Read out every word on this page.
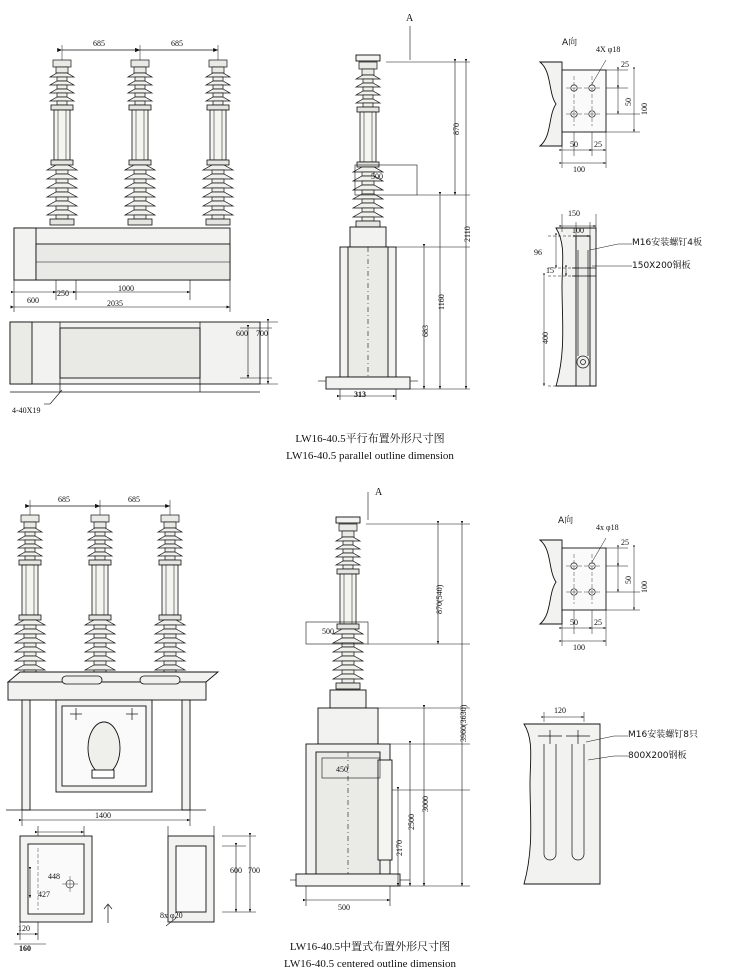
685	685
600
250
1000
2035
600 700
4-40X19
A
500
870
2110
1160
683
313
A向
4X φ18
25
50
100
50 25
100
150
100
96
15
400
M16安装螺钉4板
150X200铜板
LW16-40.5平行布置外形尺寸图
LW16-40.5 parallel outline dimension
685	685
1400
448
427
120
160
600 700
8x φ20
A
500
450
870(540)
3960(3630)
3000
2500
2170
500
A向
4x φ18
25
50
100
50 25
100
120
M16安装螺钉8只
800X200钢板
LW16-40.5中置式布置外形尺寸图
LW16-40.5 centered outline dimension
